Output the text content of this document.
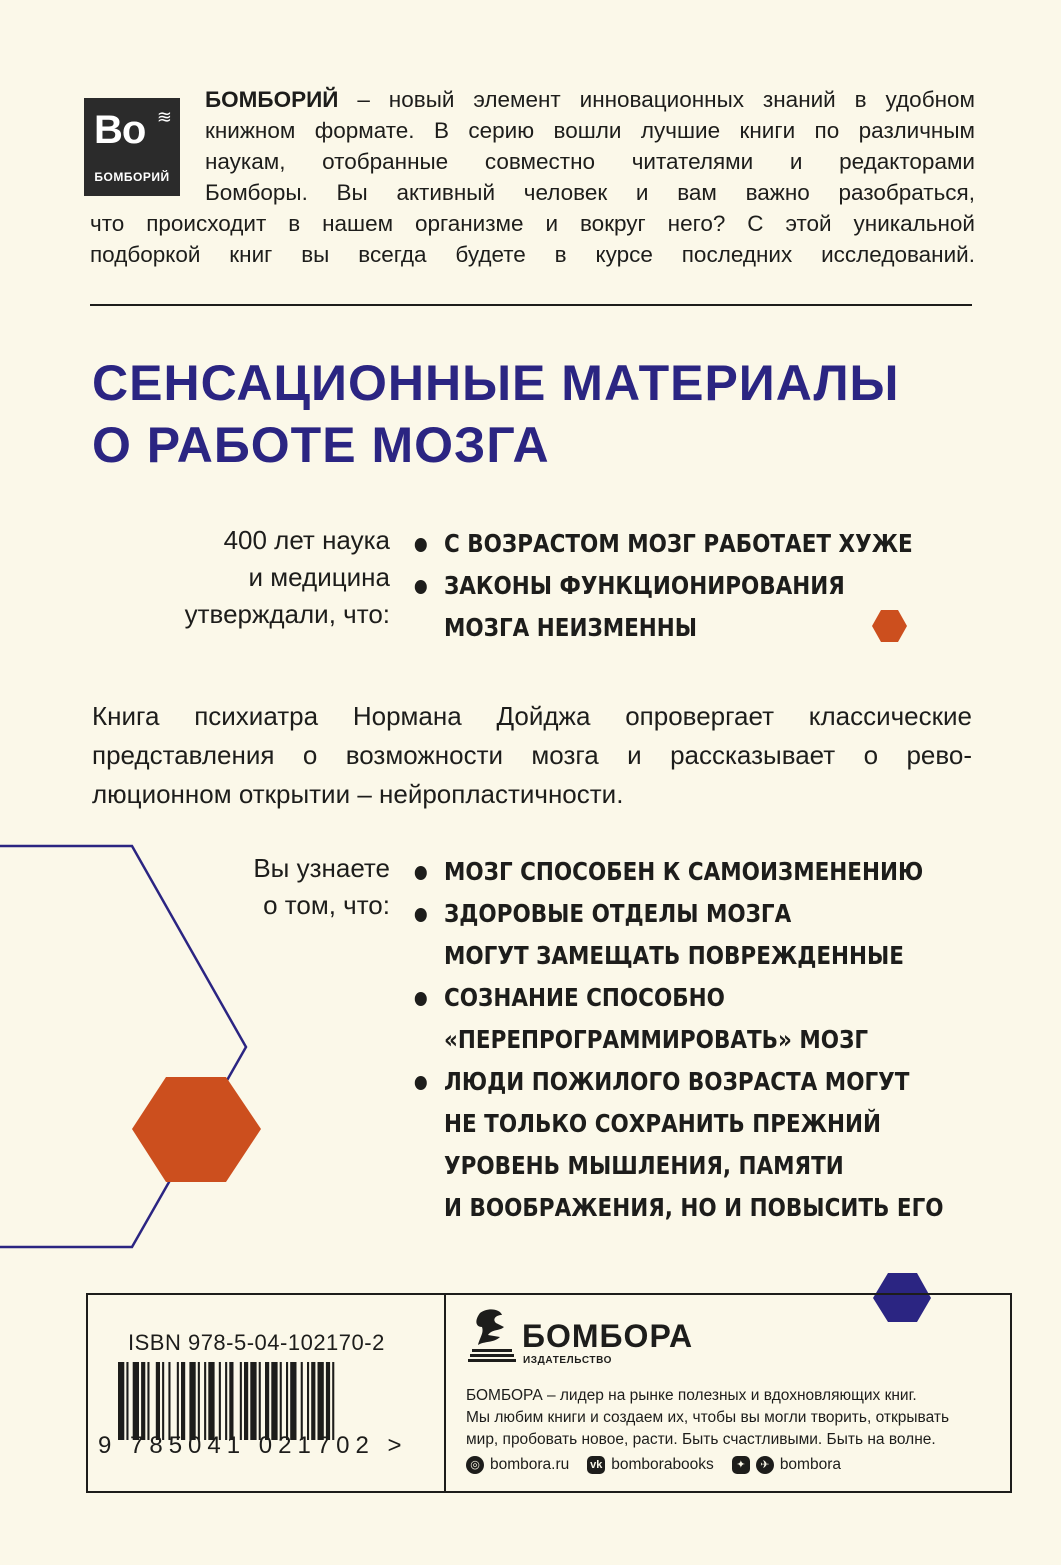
Bo ≋
БОМБОРИЙ

БОМБОРИЙ – новый элемент инновационных знаний в удобном

книжном формате. В серию вошли лучшие книги по различным

наукам, отобранные совместно читателями и редакторами

Бомборы. Вы активный человек и вам важно разобраться,

что происходит в нашем организме и вокруг него? С этой уникальной

подборкой книг вы всегда будете в курсе последних исследований.

СЕНСАЦИОННЫЕ МАТЕРИАЛЫ
О РАБОТЕ МОЗГА
400 лет наука
и медицина
утверждали, что:
С ВОЗРАСТОМ МОЗГ РАБОТАЕТ ХУЖЕ
ЗАКОНЫ ФУНКЦИОНИРОВАНИЯ
МОЗГА НЕИЗМЕННЫ
Книга психиатра Нормана Дойджа опровергает классические
представления о возможности мозга и рассказывает о рево-
люционном открытии – нейропластичности.
Вы узнаете
о том, что:
МОЗГ СПОСОБЕН К САМОИЗМЕНЕНИЮ
ЗДОРОВЫЕ ОТДЕЛЫ МОЗГА
МОГУТ ЗАМЕЩАТЬ ПОВРЕЖДЕННЫЕ
СОЗНАНИЕ СПОСОБНО
«ПЕРЕПРОГРАММИРОВАТЬ» МОЗГ
ЛЮДИ ПОЖИЛОГО ВОЗРАСТА МОГУТ
НЕ ТОЛЬКО СОХРАНИТЬ ПРЕЖНИЙ
УРОВЕНЬ МЫШЛЕНИЯ, ПАМЯТИ
И ВООБРАЖЕНИЯ, НО И ПОВЫСИТЬ ЕГО
ISBN 978-5-04-102170-2
9 785041 021702 >
БОМБОРА
ИЗДАТЕЛЬСТВО
БОМБОРА – лидер на рынке полезных и вдохновляющих книг.
Мы любим книги и создаем их, чтобы вы могли творить, открывать
мир, пробовать новое, расти. Быть счастливыми. Быть на волне.
◎ bombora.ru vk bomborabooks	✦	✈ bombora
